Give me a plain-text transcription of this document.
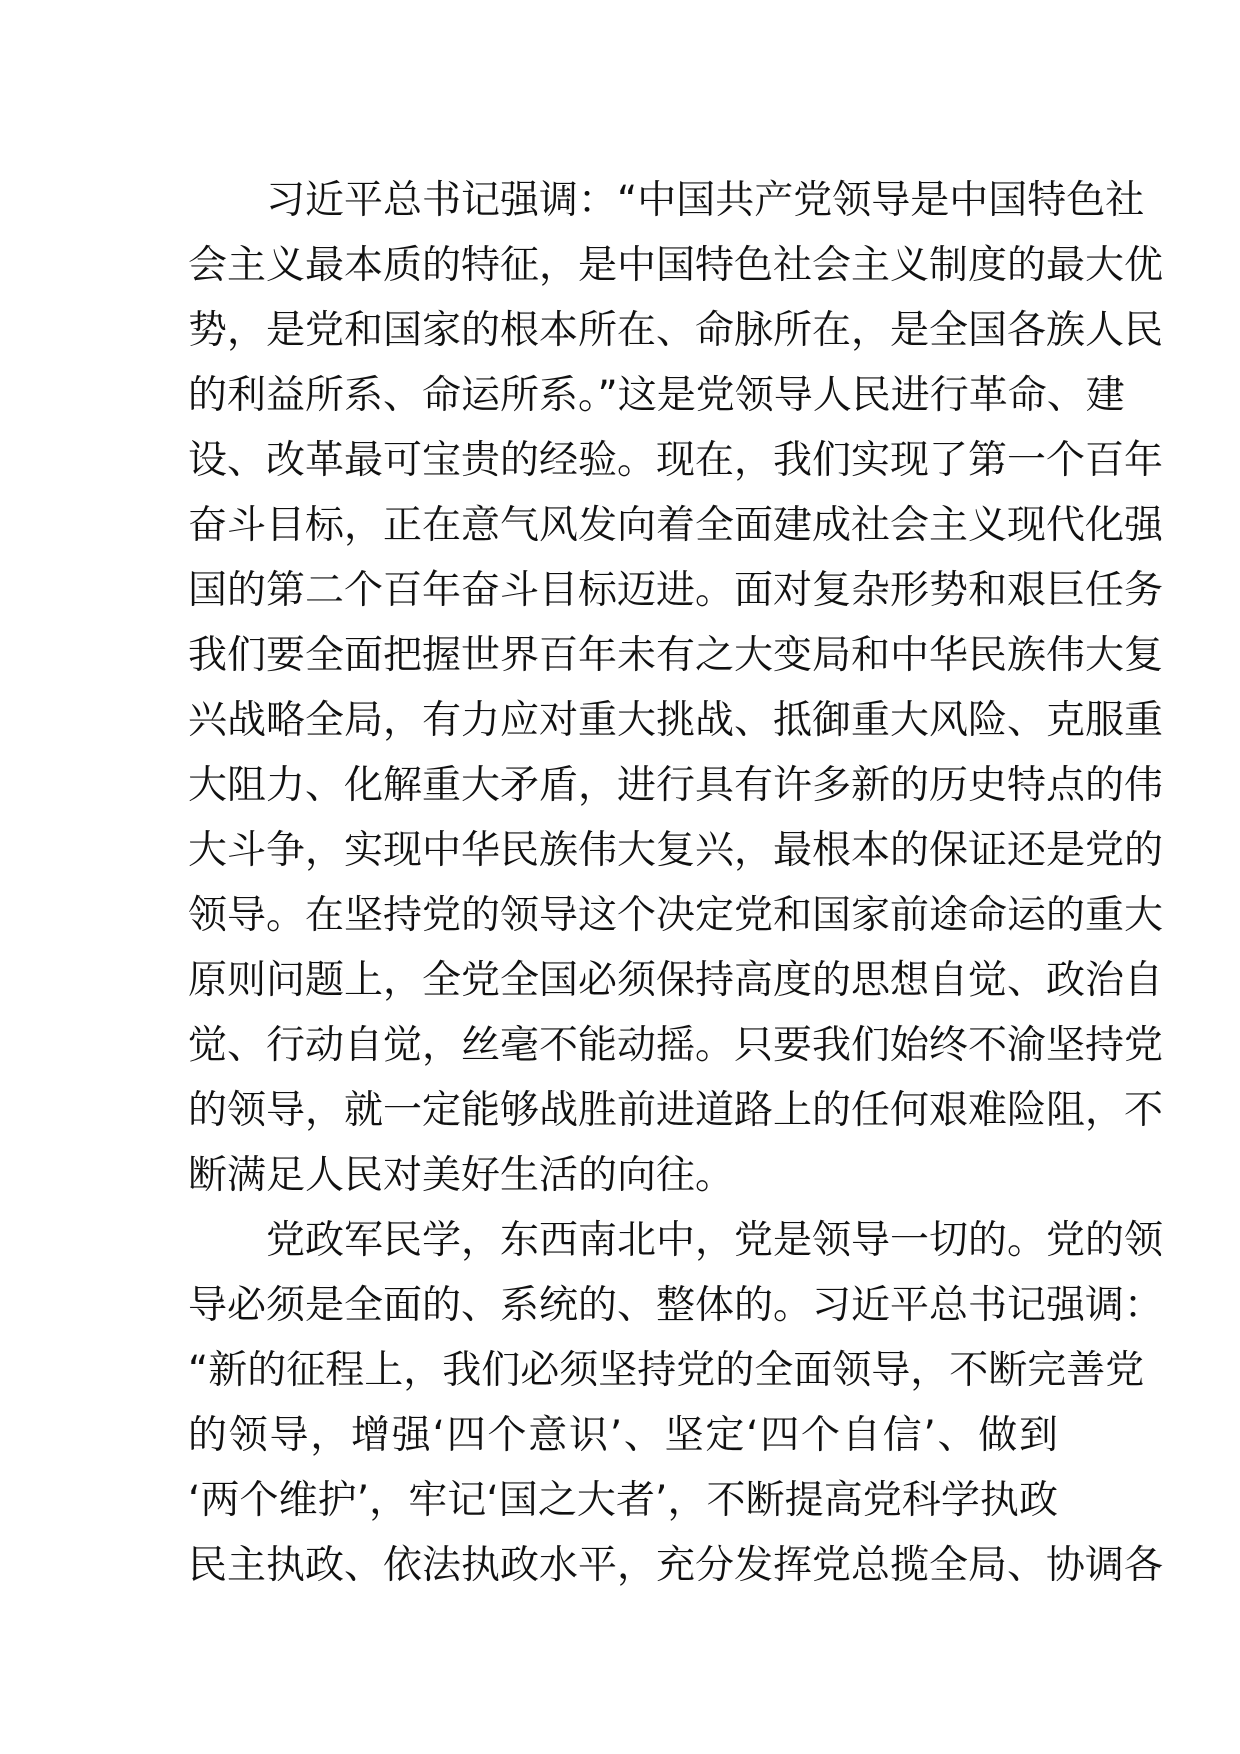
　　习近平总书记强调：“中国共产党领导是中国特色社
会主义最本质的特征，是中国特色社会主义制度的最大优
势，是党和国家的根本所在、命脉所在，是全国各族人民
的利益所系、命运所系。”这是党领导人民进行革命、建
设、改革最可宝贵的经验。现在，我们实现了第一个百年
奋斗目标，正在意气风发向着全面建成社会主义现代化强
国的第二个百年奋斗目标迈进。面对复杂形势和艰巨任务
我们要全面把握世界百年未有之大变局和中华民族伟大复
兴战略全局，有力应对重大挑战、抵御重大风险、克服重
大阻力、化解重大矛盾，进行具有许多新的历史特点的伟
大斗争，实现中华民族伟大复兴，最根本的保证还是党的
领导。在坚持党的领导这个决定党和国家前途命运的重大
原则问题上，全党全国必须保持高度的思想自觉、政治自
觉、行动自觉，丝毫不能动摇。只要我们始终不渝坚持党
的领导，就一定能够战胜前进道路上的任何艰难险阻，不
断满足人民对美好生活的向往。
　　党政军民学，东西南北中，党是领导一切的。党的领
导必须是全面的、系统的、整体的。习近平总书记强调：
“新的征程上，我们必须坚持党的全面领导，不断完善党
的领导，增强‘四个意识’、坚定‘四个自信’、做到
‘两个维护’，牢记‘国之大者’，不断提高党科学执政
民主执政、依法执政水平，充分发挥党总揽全局、协调各
